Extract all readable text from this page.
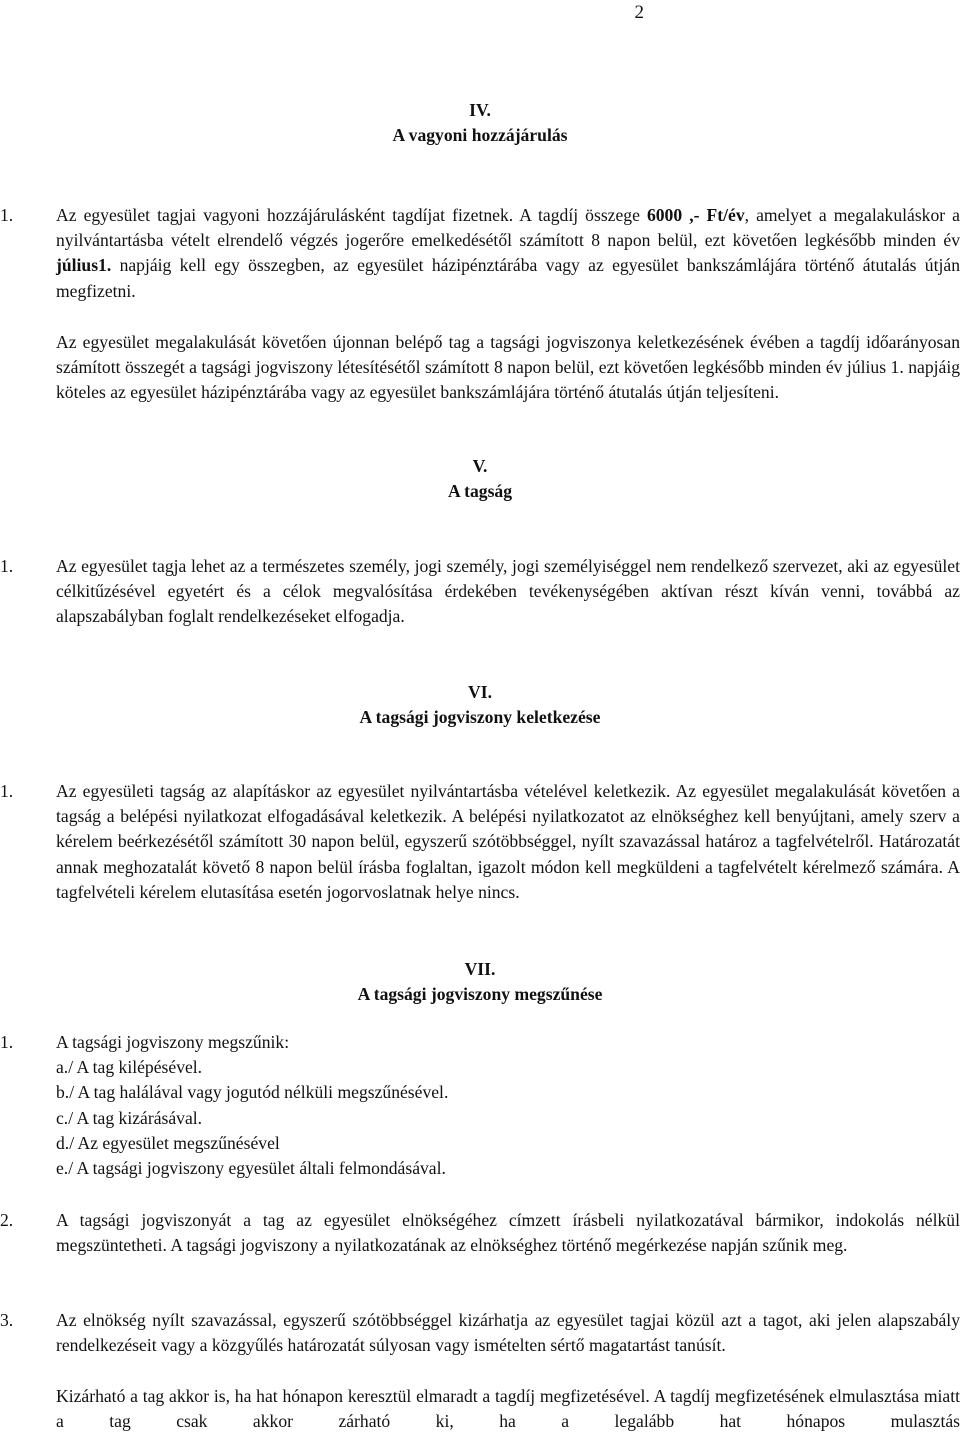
2
IV.
A vagyoni hozzájárulás
1. Az egyesület tagjai vagyoni hozzájárulásként tagdíjat fizetnek. A tagdíj összege 6000 ,- Ft/év, amelyet a megalakuláskor a nyilvántartásba vételt elrendelő végzés jogerőre emelkedésétől számított 8 napon belül, ezt követően legkésőbb minden év július1. napjáig kell egy összegben, az egyesület házipénztárába vagy az egyesület bankszámlájára történő átutalás útján megfizetni.
Az egyesület megalakulását követően újonnan belépő tag a tagsági jogviszonya keletkezésének évében a tagdíj időarányosan számított összegét a tagsági jogviszony létesítésétől számított 8 napon belül, ezt követően legkésőbb minden év július 1. napjáig köteles az egyesület házipénztárába vagy az egyesület bankszámlájára történő átutalás útján teljesíteni.
V.
A tagság
1. Az egyesület tagja lehet az a természetes személy, jogi személy, jogi személyiséggel nem rendelkező szervezet, aki az egyesület célkitűzésével egyetért és a célok megvalósítása érdekében tevékenységében aktívan részt kíván venni, továbbá az alapszabályban foglalt rendelkezéseket elfogadja.
VI.
A tagsági jogviszony keletkezése
1. Az egyesületi tagság az alapításkor az egyesület nyilvántartásba vételével keletkezik. Az egyesület megalakulását követően a tagság a belépési nyilatkozat elfogadásával keletkezik. A belépési nyilatkozatot az elnökséghez kell benyújtani, amely szerv a kérelem beérkezésétől számított 30 napon belül, egyszerű szótöbbséggel, nyílt szavazással határoz a tagfelvételről. Határozatát annak meghozatalát követő 8 napon belül írásba foglaltan, igazolt módon kell megküldeni a tagfelvételt kérelmező számára. A tagfelvételi kérelem elutasítása esetén jogorvoslatnak helye nincs.
VII.
A tagsági jogviszony megszűnése
1. A tagsági jogviszony megszűnik:
a./ A tag kilépésével.
b./ A tag halálával vagy jogutód nélküli megszűnésével.
c./ A tag kizárásával.
d./ Az egyesület megszűnésével
e./ A tagsági jogviszony egyesület általi felmondásával.
2. A tagsági jogviszonyát a tag az egyesület elnökségéhez címzett írásbeli nyilatkozatával bármikor, indokolás nélkül megszüntetheti. A tagsági jogviszony a nyilatkozatának az elnökséghez történő megérkezése napján szűnik meg.
3. Az elnökség nyílt szavazással, egyszerű szótöbbséggel kizárhatja az egyesület tagjai közül azt a tagot, aki jelen alapszabály rendelkezéseit vagy a közgyűlés határozatát súlyosan vagy ismételten sértő magatartást tanúsít.
Kizárható a tag akkor is, ha hat hónapon keresztül elmaradt a tagdíj megfizetésével. A tagdíj megfizetésének elmulasztása miatt a tag csak akkor zárható ki, ha a legalább hat hónapos mulasztás
